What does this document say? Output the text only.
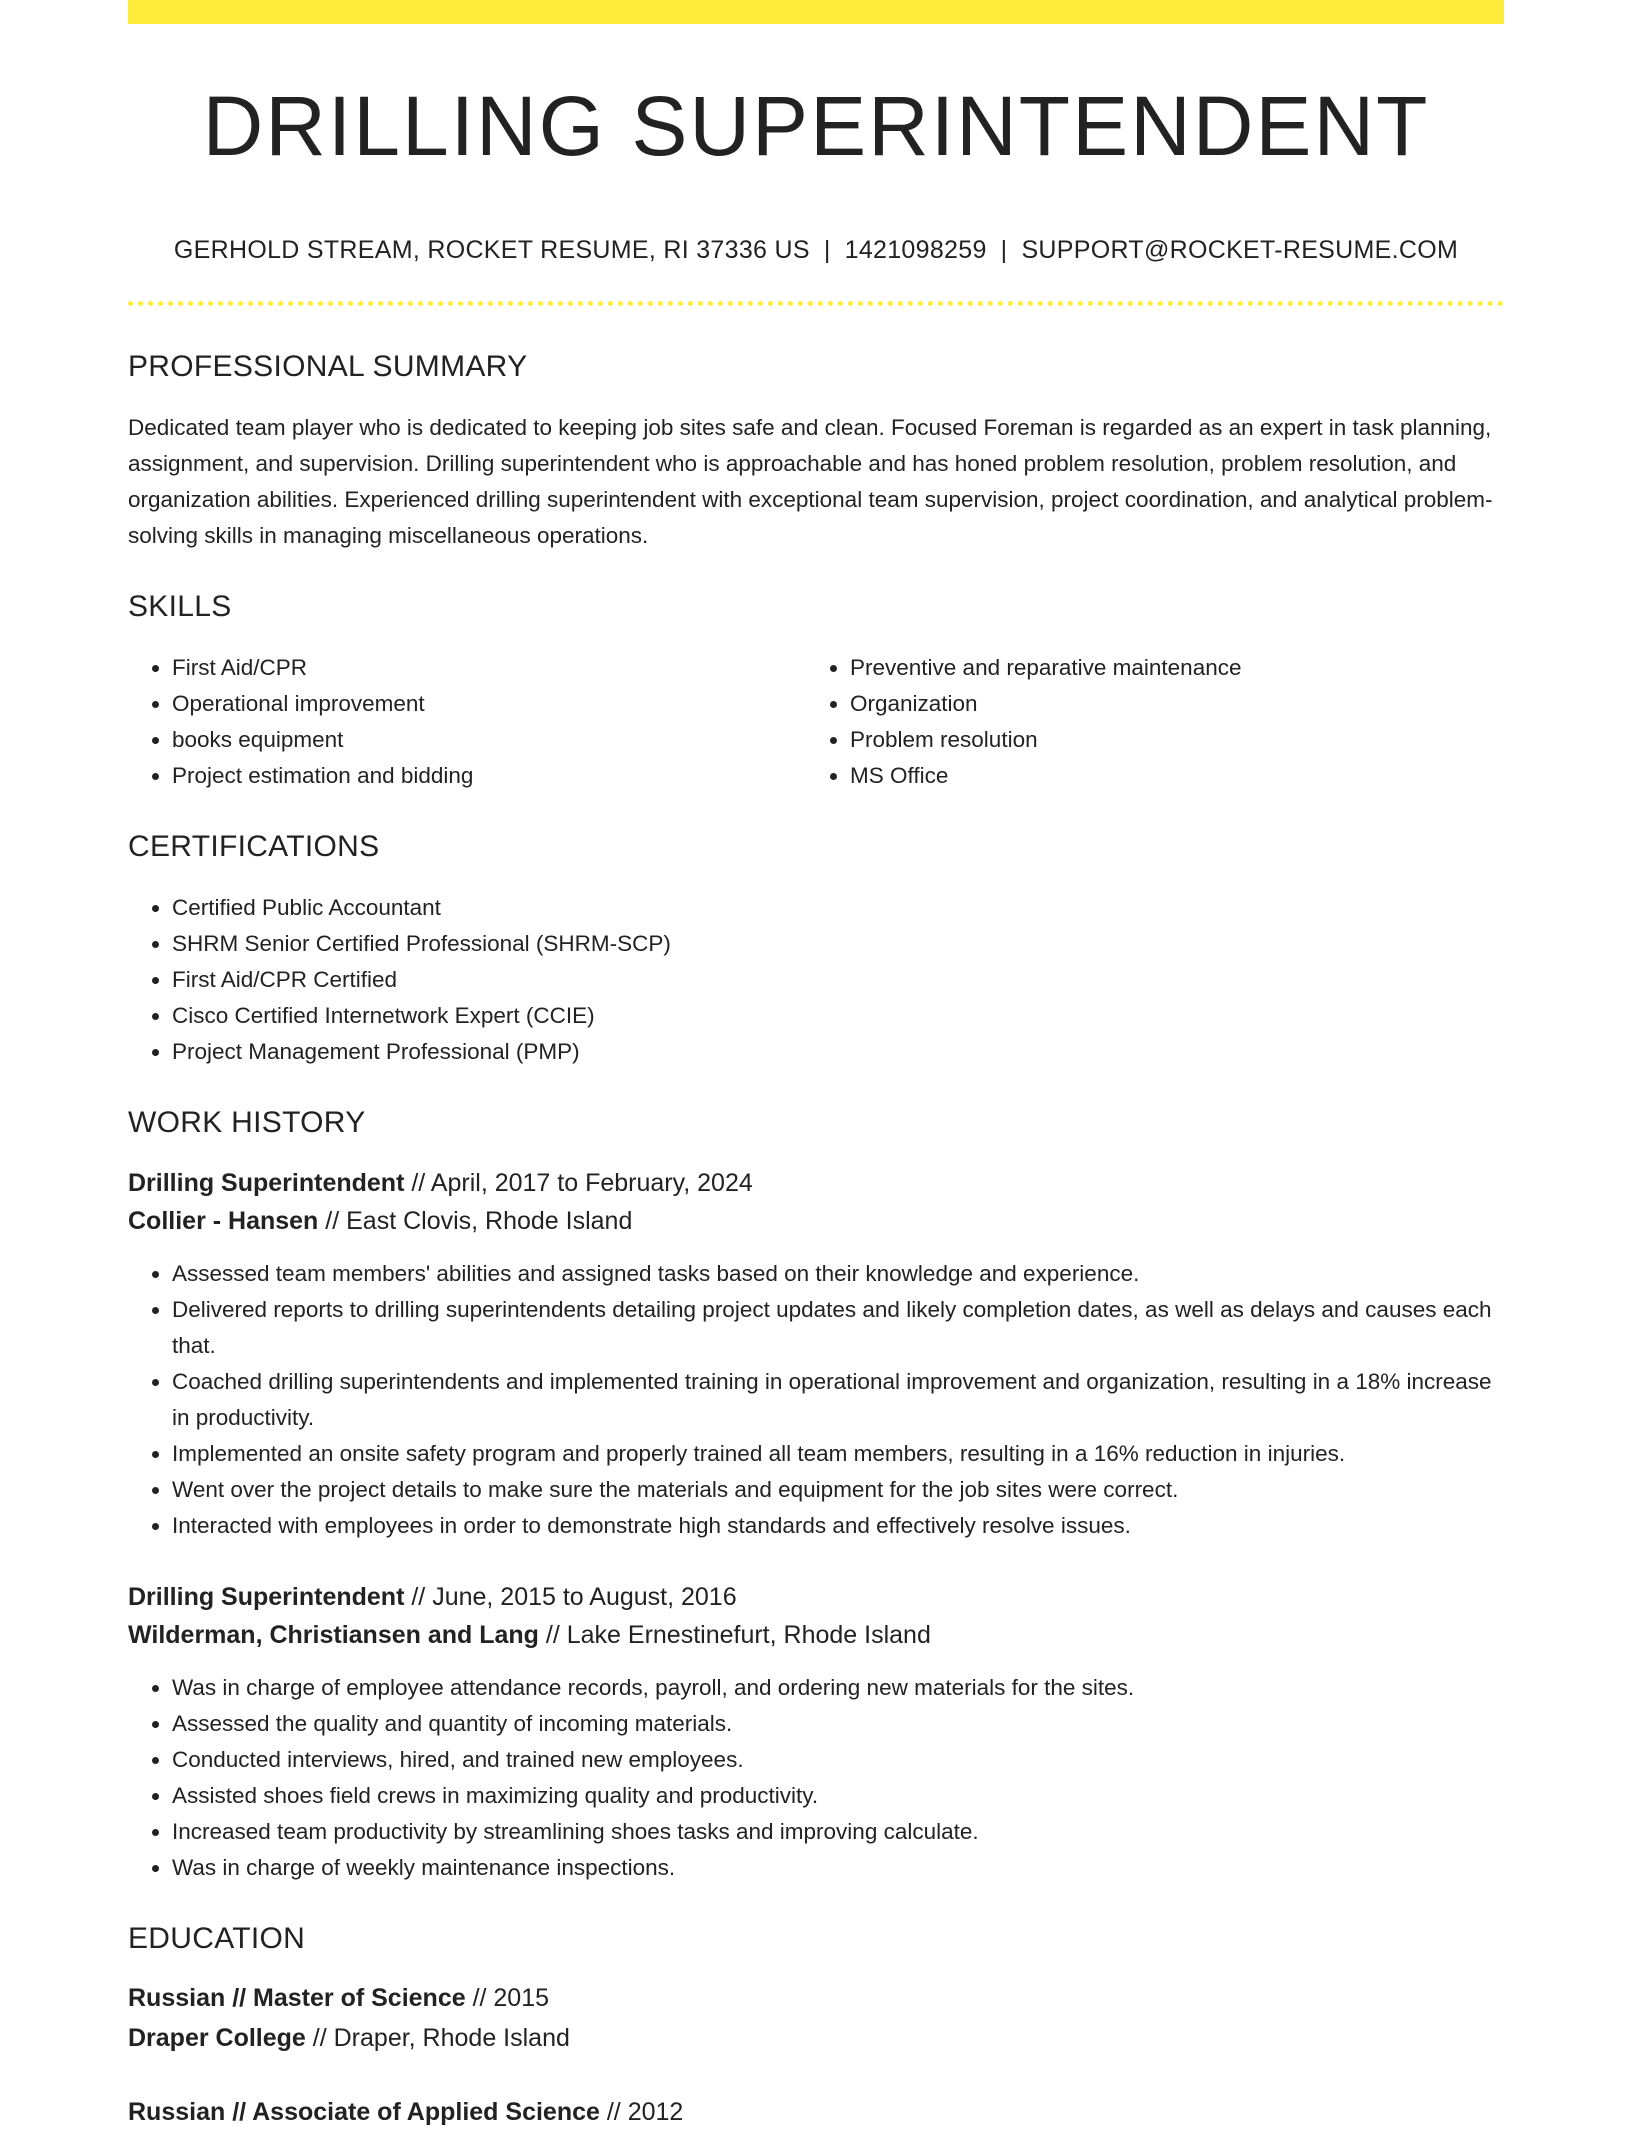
DRILLING SUPERINTENDENT
GERHOLD STREAM, ROCKET RESUME, RI 37336 US | 1421098259 | SUPPORT@ROCKET-RESUME.COM
PROFESSIONAL SUMMARY

Dedicated team player who is dedicated to keeping job sites safe and clean. Focused Foreman is regarded as an expert in task planning, assignment, and supervision. Drilling superintendent who is approachable and has honed problem resolution, problem resolution, and organization abilities. Experienced drilling superintendent with exceptional team supervision, project coordination, and analytical problem-solving skills in managing miscellaneous operations.

SKILLS
• First Aid/CPR
• Operational improvement
• books equipment
• Project estimation and bidding
• Preventive and reparative maintenance
• Organization
• Problem resolution
• MS Office
CERTIFICATIONS
• Certified Public Accountant
• SHRM Senior Certified Professional (SHRM-SCP)
• First Aid/CPR Certified
• Cisco Certified Internetwork Expert (CCIE)
• Project Management Professional (PMP)
WORK HISTORY
Drilling Superintendent // April, 2017 to February, 2024
Collier - Hansen // East Clovis, Rhode Island
• Assessed team members' abilities and assigned tasks based on their knowledge and experience.
• Delivered reports to drilling superintendents detailing project updates and likely completion dates, as well as delays and causes each that.
• Coached drilling superintendents and implemented training in operational improvement and organization, resulting in a 18% increase in productivity.
• Implemented an onsite safety program and properly trained all team members, resulting in a 16% reduction in injuries.
• Went over the project details to make sure the materials and equipment for the job sites were correct.
• Interacted with employees in order to demonstrate high standards and effectively resolve issues.
Drilling Superintendent // June, 2015 to August, 2016
Wilderman, Christiansen and Lang // Lake Ernestinefurt, Rhode Island
• Was in charge of employee attendance records, payroll, and ordering new materials for the sites.
• Assessed the quality and quantity of incoming materials.
• Conducted interviews, hired, and trained new employees.
• Assisted shoes field crews in maximizing quality and productivity.
• Increased team productivity by streamlining shoes tasks and improving calculate.
• Was in charge of weekly maintenance inspections.
EDUCATION
Russian // Master of Science // 2015
Draper College // Draper, Rhode Island
Russian // Associate of Applied Science // 2012
